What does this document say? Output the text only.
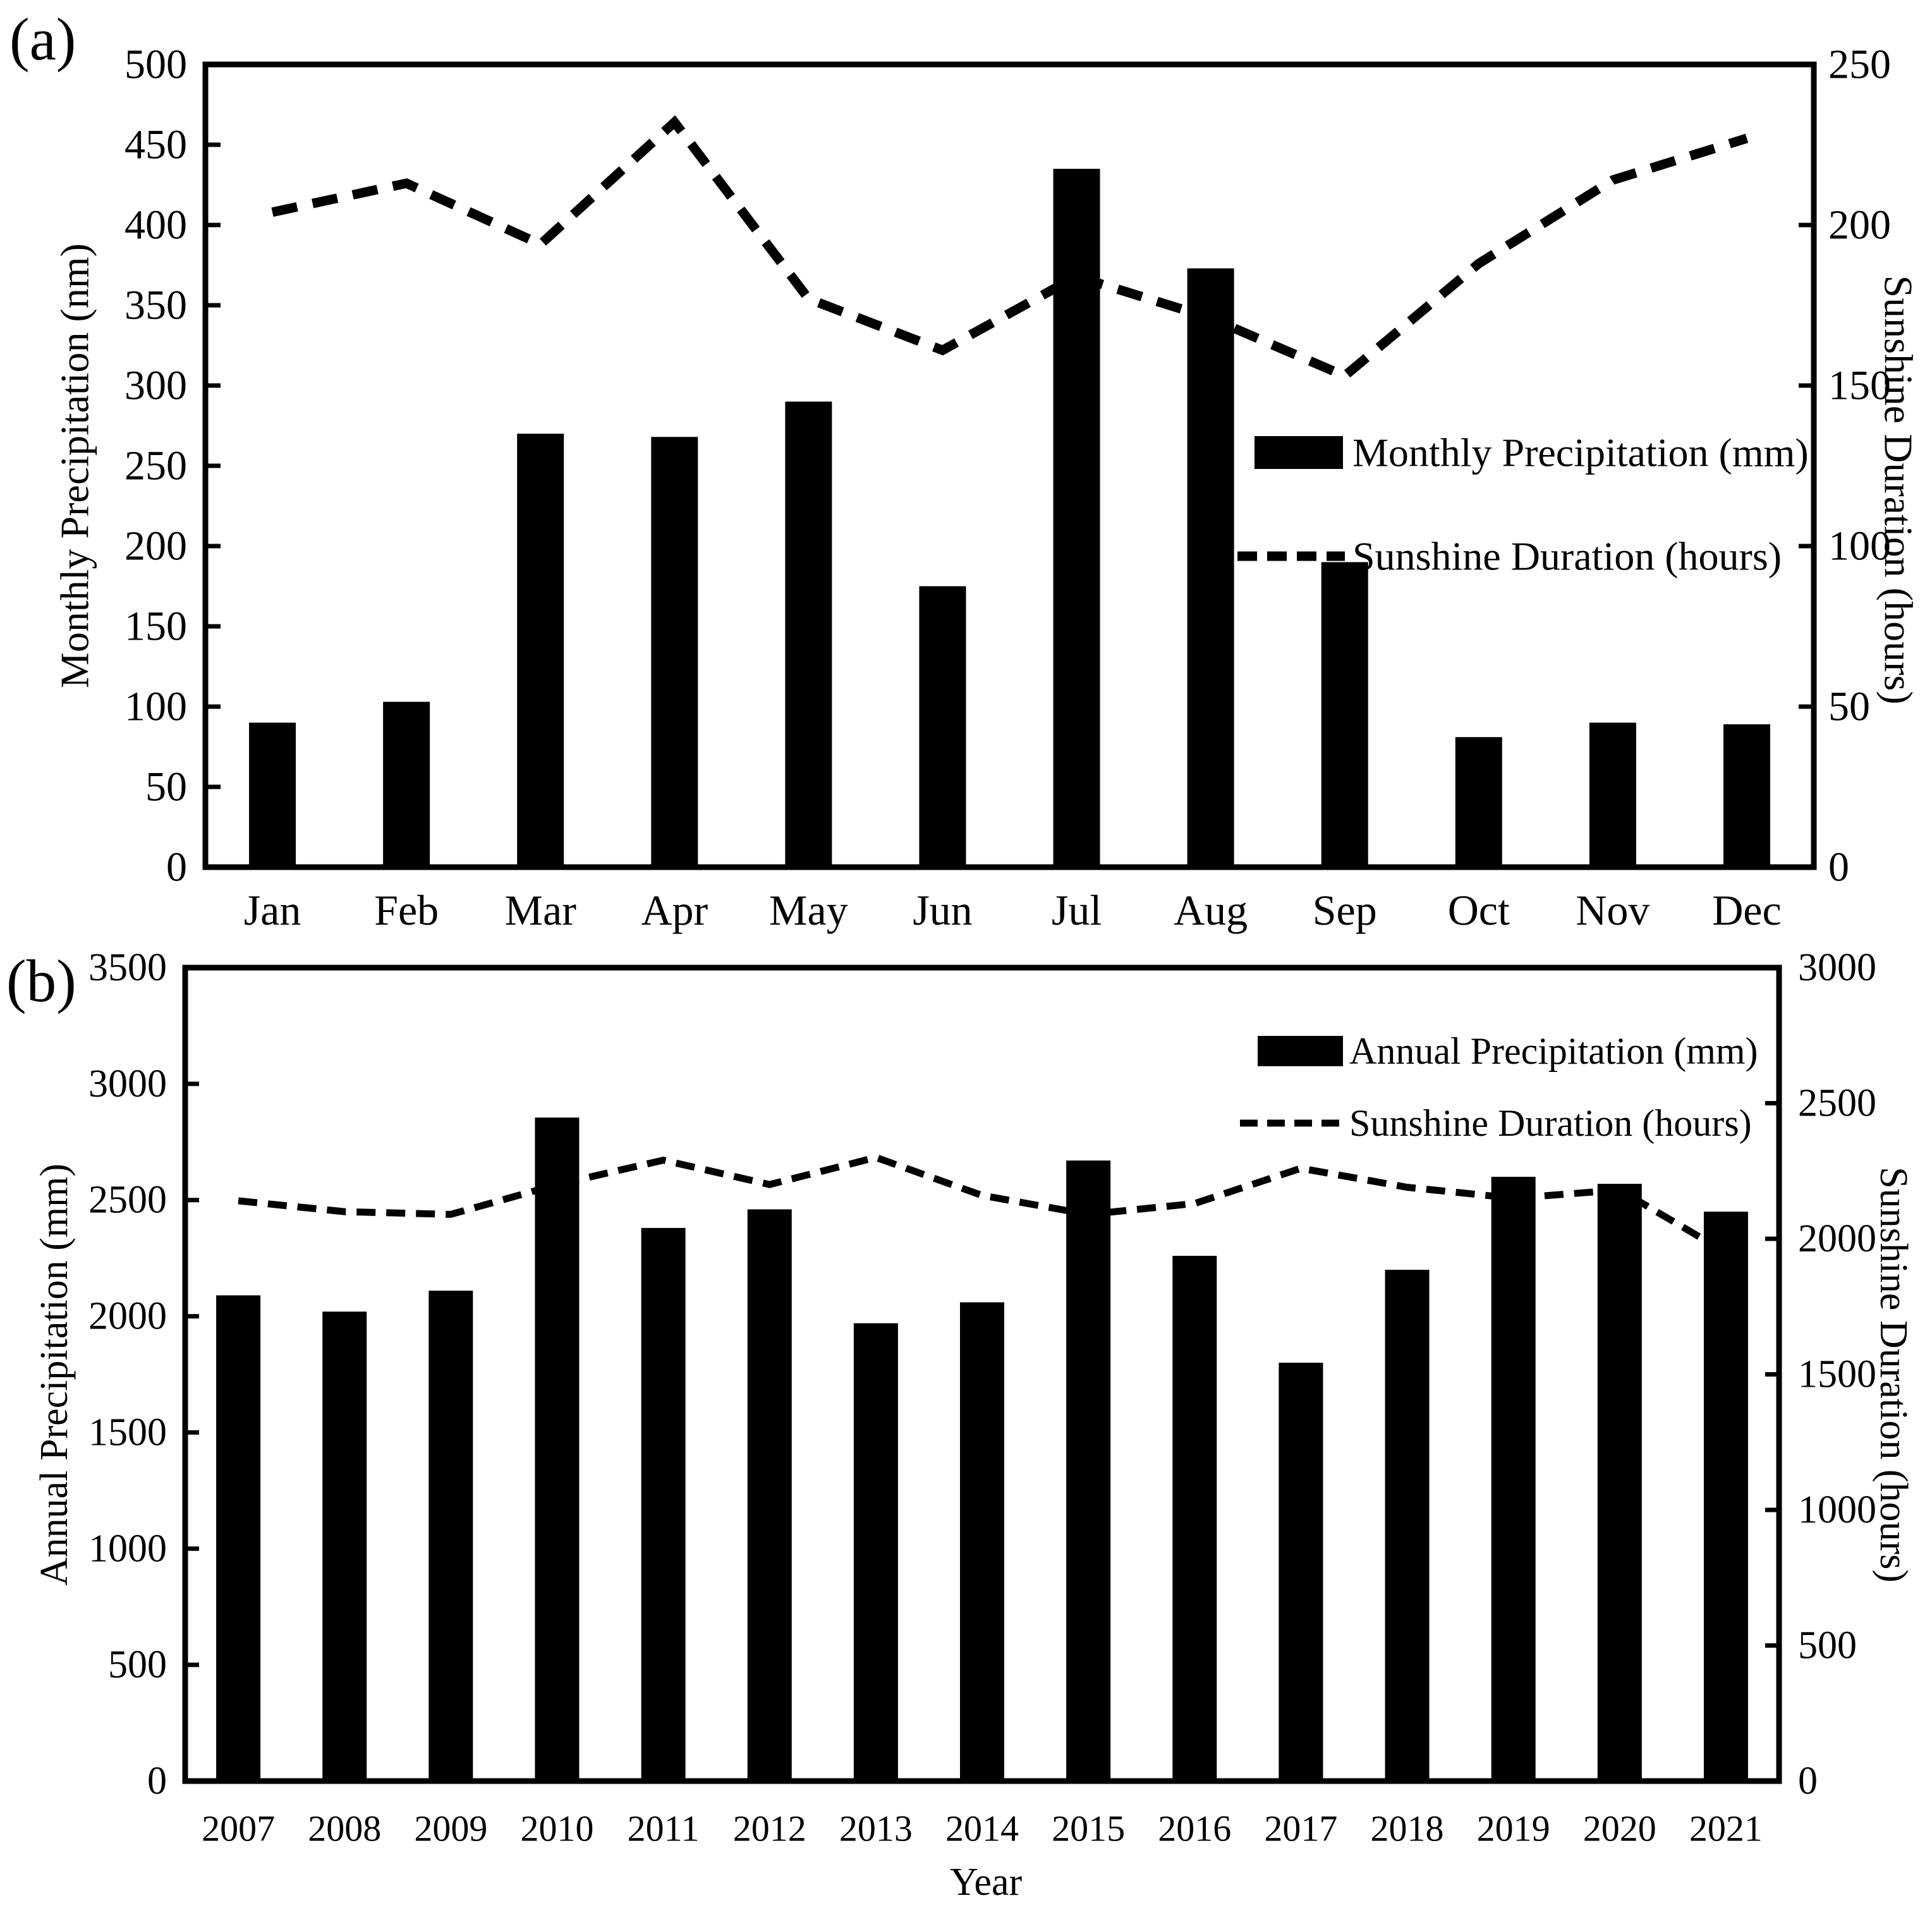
(a)
(b)
0
50
100
150
200
250
300
350
400
450
500
0
50
100
150
200
250
Jan Feb Mar Apr May Jun Jul Aug Sep Oct Nov Dec
Monthly Precipitation (nm)	Sunshine Duration (hours)
Monthly Precipitation (mm)
Sunshine Duration (hours)
0
500
1000
1500
2000
2500
3000
3500
0
500
1000
1500
2000
2500
3000
2007 2008 2009 2010 2011 2012 2013 2014 2015 2016 2017 2018 2019 2020 2021
Annual Precipitation (mm)	Sunshine Duration (hours)
Year
Annual Precipitation (mm)
Sunshine Duration (hours)
